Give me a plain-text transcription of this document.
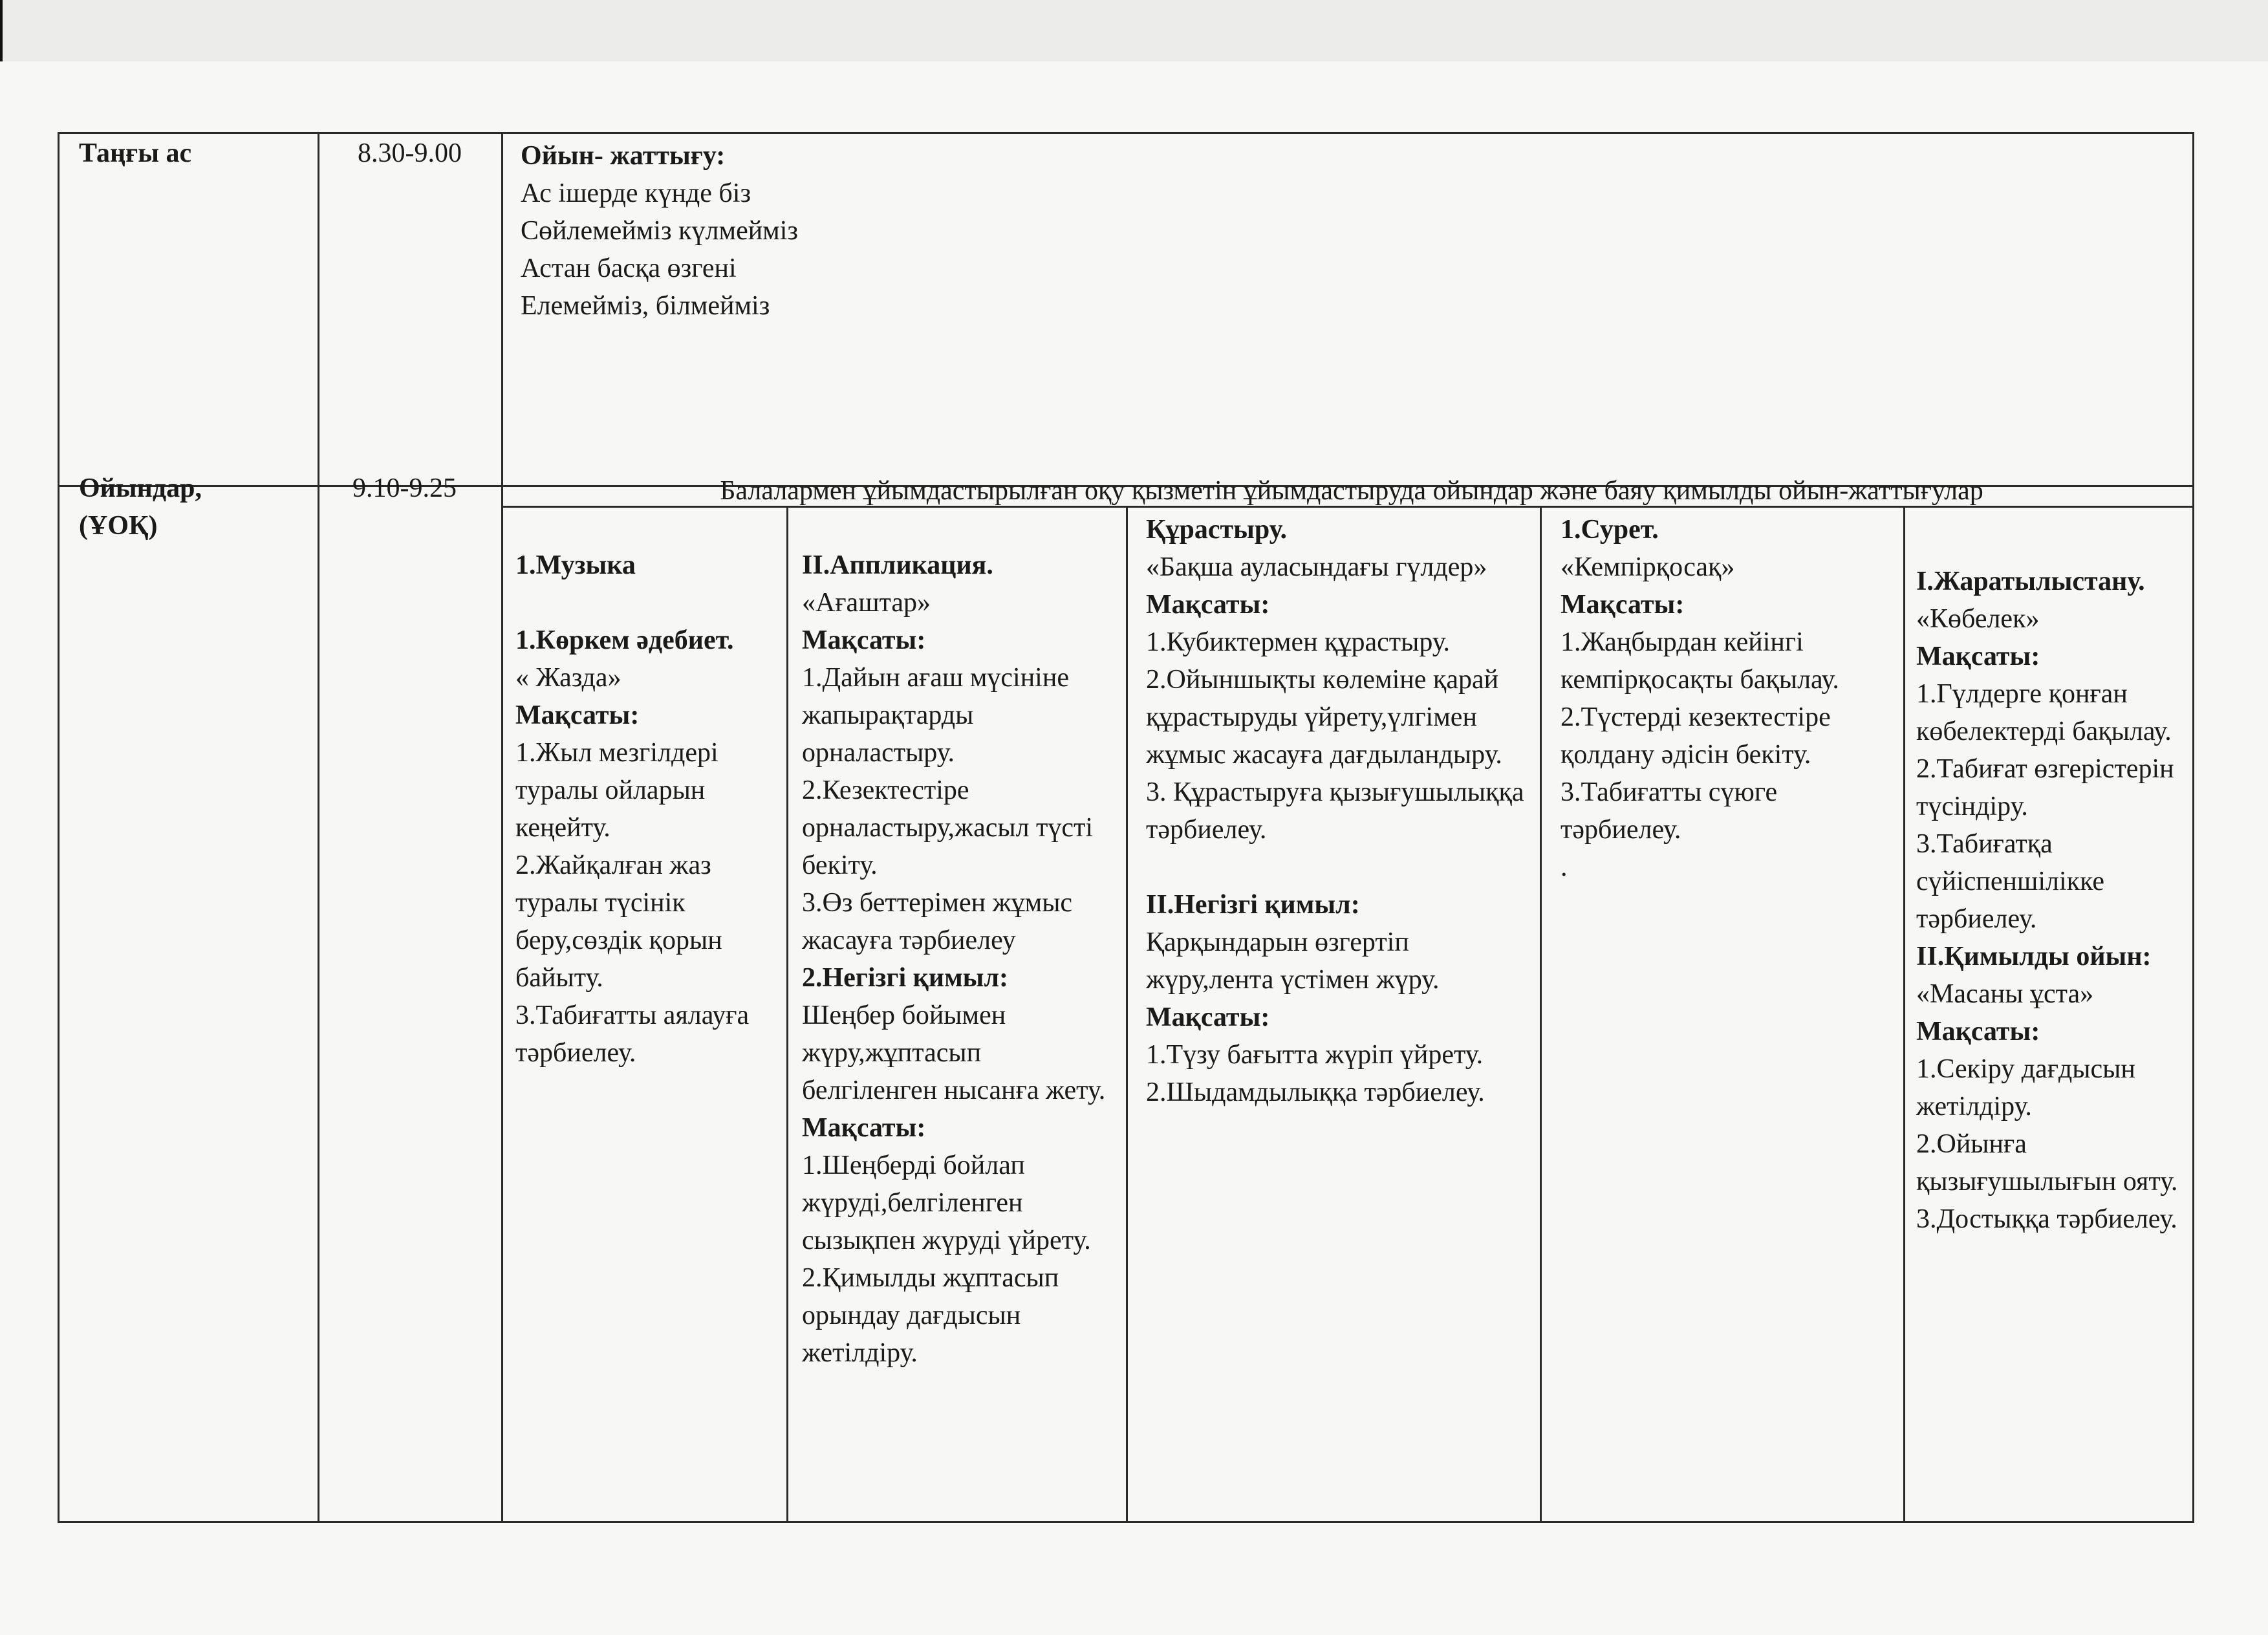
Таңғы ас	8.30-9.00 Ойын- жаттығу:
Ас ішерде күнде біз
Сөйлемейміз күлмейміз
Астан басқа өзгені
Елемейміз, білмейміз
Ойындар, (ҰОҚ)
9.10-9.25	Балалармен ұйымдастырылған оқу қызметін ұйымдастыруда ойындар және баяу қимылды ойын-жаттығулар
1.Музыка
1.Көркем әдебиет.
« Жазда»
Мақсаты:
1.Жыл мезгілдері туралы ойларын кеңейту.
2.Жайқалған жаз туралы түсінік беру,сөздік қорын байыту.
3.Табиғатты аялауға тәрбиелеу.
II.Аппликация.
«Ағаштар»
Мақсаты:
1.Дайын ағаш мүсініне жапырақтарды орналастыру.
2.Кезектестіре орналастыру,жасыл түсті бекіту.
3.Өз беттерімен жұмыс жасауға тәрбиелеу
2.Негізгі қимыл:
Шеңбер бойымен жүру,жұптасып белгіленген нысанға жету.
Мақсаты:
1.Шеңберді бойлап жүруді,белгіленген сызықпен жүруді үйрету.
2.Қимылды жұптасып орындау дағдысын жетілдіру.
Құрастыру.
«Бақша ауласындағы гүлдер»
Мақсаты:
1.Кубиктермен құрастыру.
2.Ойыншықты көлеміне қарай құрастыруды үйрету,үлгімен жұмыс жасауға дағдыландыру.
3. Құрастыруға қызығушылыққа тәрбиелеу.
II.Негізгі қимыл:
Қарқындарын өзгертіп жүру,лента үстімен жүру.
Мақсаты:
1.Түзу бағытта жүріп үйрету.
2.Шыдамдылыққа тәрбиелеу.
1.Сурет.
«Кемпірқосақ»
Мақсаты:
1.Жаңбырдан кейінгі кемпірқосақты бақылау.
2.Түстерді кезектестіре қолдану әдісін бекіту.
3.Табиғатты сүюге тәрбиелеу.
.
I.Жаратылыстану.
«Көбелек»
Мақсаты:
1.Гүлдерге қонған көбелектерді бақылау.
2.Табиғат өзгерістерін түсіндіру.
3.Табиғатқа сүйіспеншілікке тәрбиелеу.
II.Қимылды ойын: «Масаны ұста»
Мақсаты:
1.Секіру дағдысын жетілдіру.
2.Ойынға қызығушылығын ояту.
3.Достыққа тәрбиелеу.
